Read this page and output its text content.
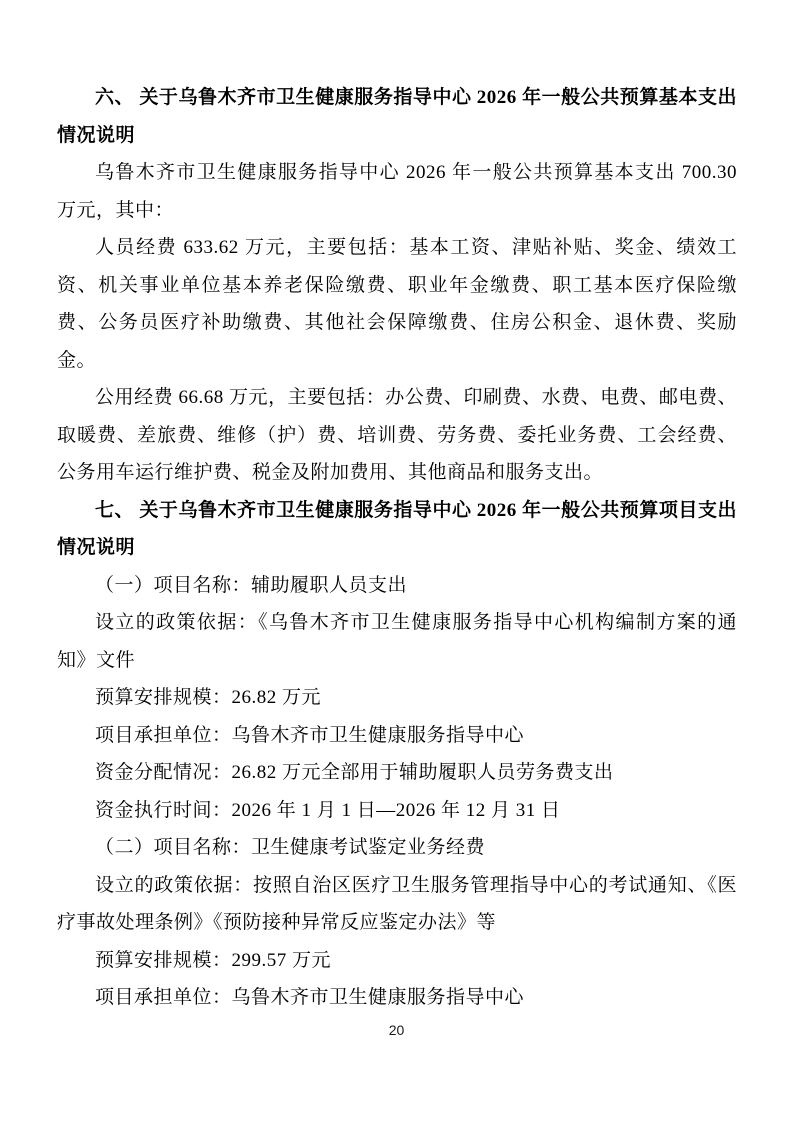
六、 关于乌鲁木齐市卫生健康服务指导中心 2026 年一般公共预算基本支出情况说明

乌鲁木齐市卫生健康服务指导中心 2026 年一般公共预算基本支出 700.30 万元，其中：

人员经费 633.62 万元，主要包括：基本工资、津贴补贴、奖金、绩效工资、机关事业单位基本养老保险缴费、职业年金缴费、职工基本医疗保险缴费、公务员医疗补助缴费、其他社会保障缴费、住房公积金、退休费、奖励金。

公用经费 66.68 万元，主要包括：办公费、印刷费、水费、电费、邮电费、取暖费、差旅费、维修（护）费、培训费、劳务费、委托业务费、工会经费、公务用车运行维护费、税金及附加费用、其他商品和服务支出。

七、 关于乌鲁木齐市卫生健康服务指导中心 2026 年一般公共预算项目支出情况说明

（一）项目名称：辅助履职人员支出

设立的政策依据：《乌鲁木齐市卫生健康服务指导中心机构编制方案的通知》文件

预算安排规模：26.82 万元

项目承担单位：乌鲁木齐市卫生健康服务指导中心

资金分配情况：26.82 万元全部用于辅助履职人员劳务费支出

资金执行时间：2026 年 1 月 1 日—2026 年 12 月 31 日

（二）项目名称：卫生健康考试鉴定业务经费

设立的政策依据：按照自治区医疗卫生服务管理指导中心的考试通知、《医疗事故处理条例》《预防接种异常反应鉴定办法》等

预算安排规模：299.57 万元

项目承担单位：乌鲁木齐市卫生健康服务指导中心

20
